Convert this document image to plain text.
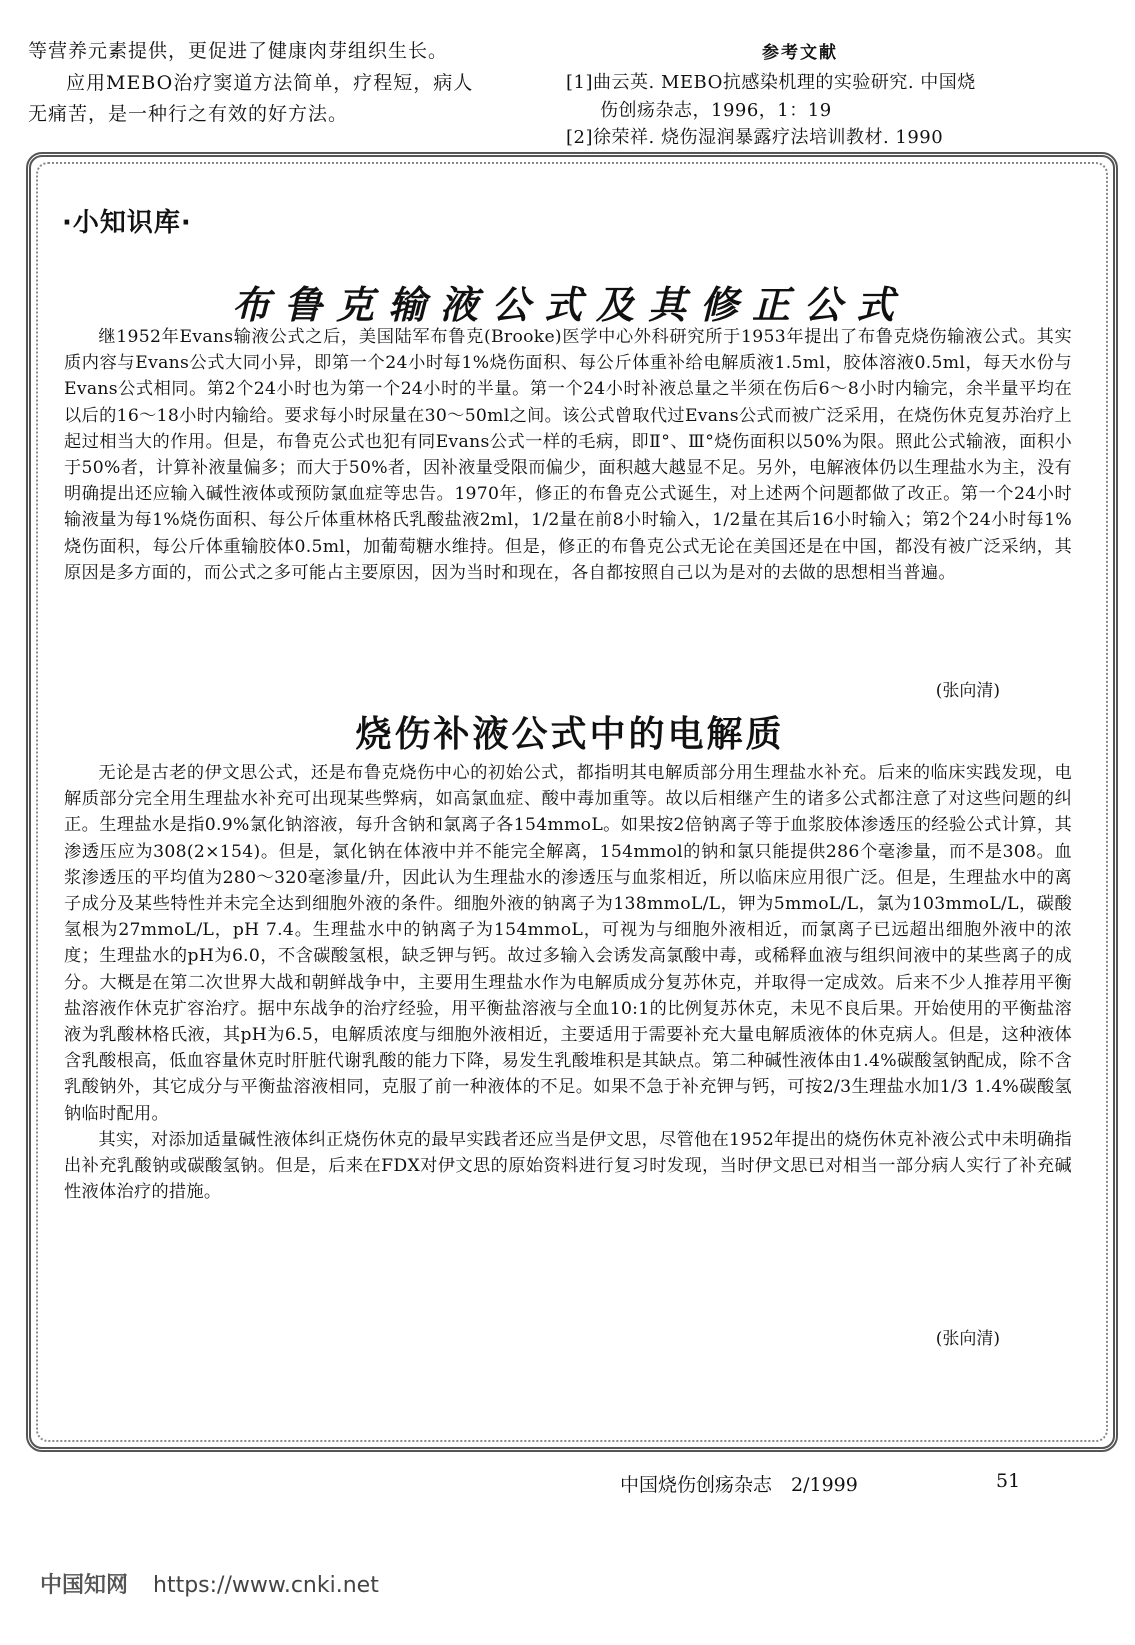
等营养元素提供，更促进了健康肉芽组织生长。
应用MEBO治疗窦道方法简单，疗程短，病人
无痛苦，是一种行之有效的好方法。
参考文献
[1]曲云英. MEBO抗感染机理的实验研究. 中国烧
伤创疡杂志，1996，1：19
[2]徐荣祥. 烧伤湿润暴露疗法培训教材. 1990
·小知识库·
布鲁克输液公式及其修正公式

继1952年Evans输液公式之后，美国陆军布鲁克(Brooke)医学中心外科研究所于1953年提出了布鲁克烧伤输液公式。其实质内容与Evans公式大同小异，即第一个24小时每1%烧伤面积、每公斤体重补给电解质液1.5ml，胶体溶液0.5ml，每天水份与Evans公式相同。第2个24小时也为第一个24小时的半量。第一个24小时补液总量之半须在伤后6～8小时内输完，余半量平均在以后的16～18小时内输给。要求每小时尿量在30～50ml之间。该公式曾取代过Evans公式而被广泛采用，在烧伤休克复苏治疗上起过相当大的作用。但是，布鲁克公式也犯有同Evans公式一样的毛病，即Ⅱ°、Ⅲ°烧伤面积以50%为限。照此公式输液，面积小于50%者，计算补液量偏多；而大于50%者，因补液量受限而偏少，面积越大越显不足。另外，电解液体仍以生理盐水为主，没有明确提出还应输入碱性液体或预防氯血症等忠告。1970年，修正的布鲁克公式诞生，对上述两个问题都做了改正。第一个24小时输液量为每1%烧伤面积、每公斤体重林格氏乳酸盐液2ml，1/2量在前8小时输入，1/2量在其后16小时输入；第2个24小时每1%烧伤面积，每公斤体重输胶体0.5ml，加葡萄糖水维持。但是，修正的布鲁克公式无论在美国还是在中国，都没有被广泛采纳，其原因是多方面的，而公式之多可能占主要原因，因为当时和现在，各自都按照自己以为是对的去做的思想相当普遍。

(张向清)
烧伤补液公式中的电解质

无论是古老的伊文思公式，还是布鲁克烧伤中心的初始公式，都指明其电解质部分用生理盐水补充。后来的临床实践发现，电解质部分完全用生理盐水补充可出现某些弊病，如高氯血症、酸中毒加重等。故以后相继产生的诸多公式都注意了对这些问题的纠正。生理盐水是指0.9%氯化钠溶液，每升含钠和氯离子各154mmoL。如果按2倍钠离子等于血浆胶体渗透压的经验公式计算，其渗透压应为308(2×154)。但是，氯化钠在体液中并不能完全解离，154mmol的钠和氯只能提供286个毫渗量，而不是308。血浆渗透压的平均值为280～320毫渗量/升，因此认为生理盐水的渗透压与血浆相近，所以临床应用很广泛。但是，生理盐水中的离子成分及某些特性并未完全达到细胞外液的条件。细胞外液的钠离子为138mmoL/L，钾为5mmoL/L，氯为103mmoL/L，碳酸氢根为27mmoL/L，pH 7.4。生理盐水中的钠离子为154mmoL，可视为与细胞外液相近，而氯离子已远超出细胞外液中的浓度；生理盐水的pH为6.0，不含碳酸氢根，缺乏钾与钙。故过多输入会诱发高氯酸中毒，或稀释血液与组织间液中的某些离子的成分。大概是在第二次世界大战和朝鲜战争中，主要用生理盐水作为电解质成分复苏休克，并取得一定成效。后来不少人推荐用平衡盐溶液作休克扩容治疗。据中东战争的治疗经验，用平衡盐溶液与全血10:1的比例复苏休克，未见不良后果。开始使用的平衡盐溶液为乳酸林格氏液，其pH为6.5，电解质浓度与细胞外液相近，主要适用于需要补充大量电解质液体的休克病人。但是，这种液体含乳酸根高，低血容量休克时肝脏代谢乳酸的能力下降，易发生乳酸堆积是其缺点。第二种碱性液体由1.4%碳酸氢钠配成，除不含乳酸钠外，其它成分与平衡盐溶液相同，克服了前一种液体的不足。如果不急于补充钾与钙，可按2/3生理盐水加1/3 1.4%碳酸氢钠临时配用。

其实，对添加适量碱性液体纠正烧伤休克的最早实践者还应当是伊文思，尽管他在1952年提出的烧伤休克补液公式中未明确指出补充乳酸钠或碳酸氢钠。但是，后来在FDX对伊文思的原始资料进行复习时发现，当时伊文思已对相当一部分病人实行了补充碱性液体治疗的措施。

(张向清)
中国烧伤创疡杂志　2/1999	51
中国知网 https://www.cnki.net
